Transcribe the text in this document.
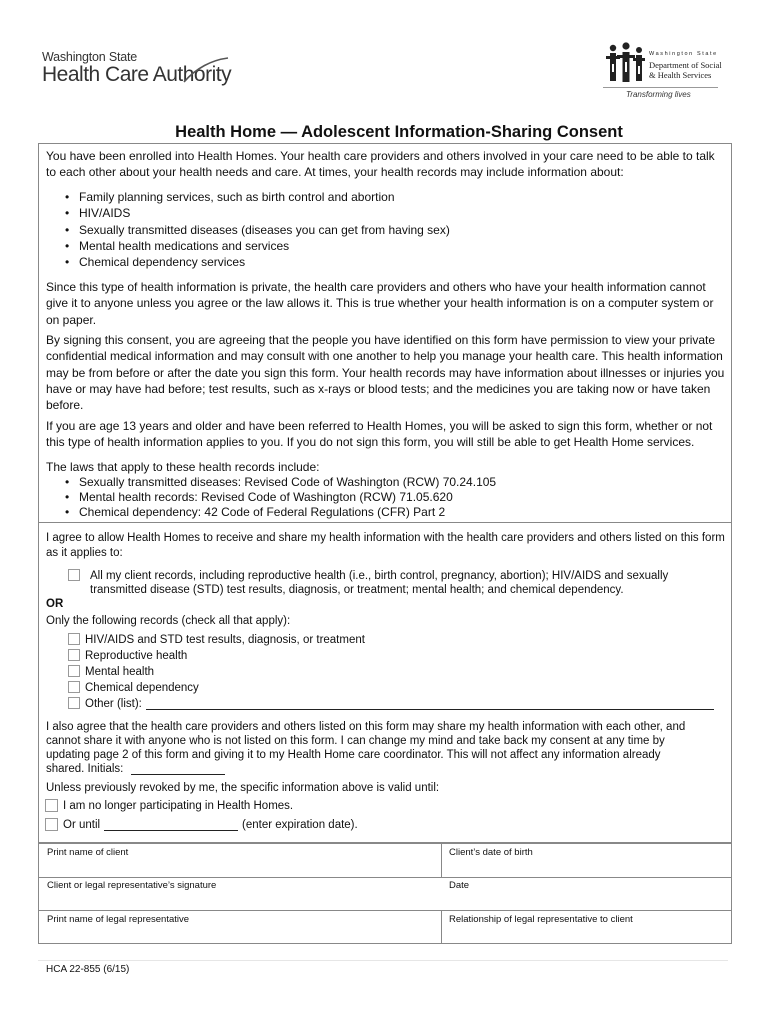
Washington State
Health Care Authority
Washington State
Department of Social
& Health Services
Transforming lives
Health Home — Adolescent Information-Sharing Consent
You have been enrolled into Health Homes. Your health care providers and others involved in your care need to be able to talk to each other about your health needs and care. At times, your health records may include information about:
• Family planning services, such as birth control and abortion
• HIV/AIDS
• Sexually transmitted diseases (diseases you can get from having sex)
• Mental health medications and services
• Chemical dependency services
Since this type of health information is private, the health care providers and others who have your health information cannot give it to anyone unless you agree or the law allows it. This is true whether your health information is on a computer system or on paper.
By signing this consent, you are agreeing that the people you have identified on this form have permission to view your private confidential medical information and may consult with one another to help you manage your health care. This health information may be from before or after the date you sign this form. Your health records may have information about illnesses or injuries you have or may have had before; test results, such as x-rays or blood tests; and the medicines you are taking now or have taken before.
If you are age 13 years and older and have been referred to Health Homes, you will be asked to sign this form, whether or not this type of health information applies to you. If you do not sign this form, you will still be able to get Health Home services.
The laws that apply to these health records include:
• Sexually transmitted diseases: Revised Code of Washington (RCW) 70.24.105
• Mental health records: Revised Code of Washington (RCW) 71.05.620
• Chemical dependency: 42 Code of Federal Regulations (CFR) Part 2
I agree to allow Health Homes to receive and share my health information with the health care providers and others listed on this form as it applies to:
All my client records, including reproductive health (i.e., birth control, pregnancy, abortion); HIV/AIDS and sexually
transmitted disease (STD) test results, diagnosis, or treatment; mental health; and chemical dependency.
OR
Only the following records (check all that apply):
HIV/AIDS and STD test results, diagnosis, or treatment
Reproductive health
Mental health
Chemical dependency
Other (list):
I also agree that the health care providers and others listed on this form may share my health information with each other, and
cannot share it with anyone who is not listed on this form. I can change my mind and take back my consent at any time by
updating page 2 of this form and giving it to my Health Home care coordinator. This will not affect any information already
shared. Initials:
Unless previously revoked by me, the specific information above is valid until:
I am no longer participating in Health Homes.
Or until	(enter expiration date).
Print name of client	Client’s date of birth
Client or legal representative’s signature	Date
Print name of legal representative	Relationship of legal representative to client
HCA 22-855 (6/15)
